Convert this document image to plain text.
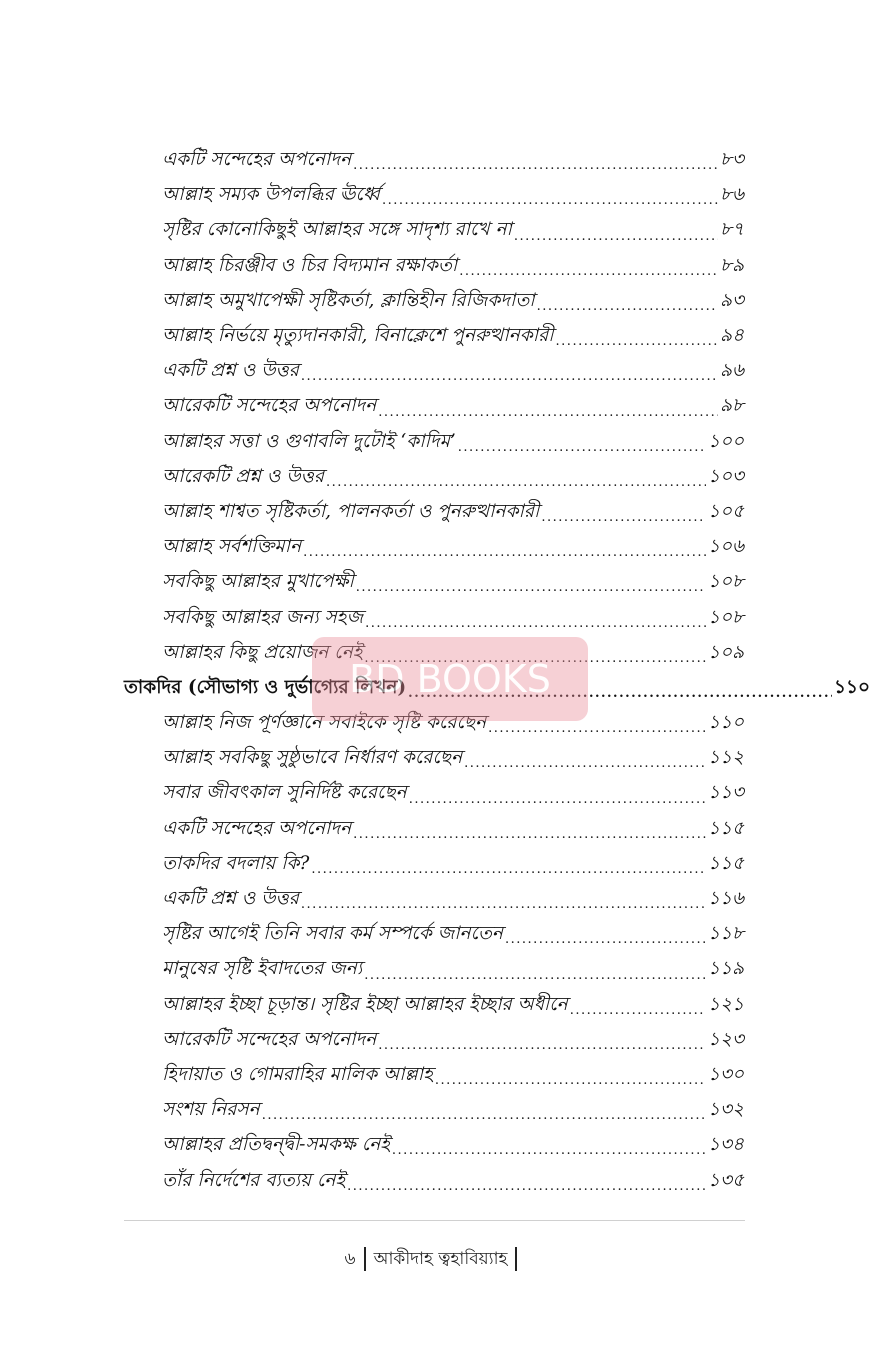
একটি সন্দেহের অপনোদন .....	৮৩
আল্লাহ সম্যক উপলব্ধির ঊর্ধ্বে .....	৮৬
সৃষ্টির কোনোকিছুই আল্লাহর সঙ্গে সাদৃশ্য রাখে না .....	৮৭
আল্লাহ চিরঞ্জীব ও চির বিদ্যমান রক্ষাকর্তা .....	৮৯
আল্লাহ অমুখাপেক্ষী সৃষ্টিকর্তা, ক্লান্তিহীন রিজিকদাতা .....	৯৩
আল্লাহ নির্ভয়ে মৃত্যুদানকারী, বিনাক্লেশে পুনরুত্থানকারী .....	৯৪
একটি প্রশ্ন ও উত্তর .....	৯৬
আরেকটি সন্দেহের অপনোদন .....	৯৮
আল্লাহর সত্তা ও গুণাবলি দুটোই ‘কাদিম’ .....	১০০
আরেকটি প্রশ্ন ও উত্তর .....	১০৩
আল্লাহ শাশ্বত সৃষ্টিকর্তা, পালনকর্তা ও পুনরুত্থানকারী .....	১০৫
আল্লাহ সর্বশক্তিমান .....	১০৬
সবকিছু আল্লাহর মুখাপেক্ষী .....	১০৮
সবকিছু আল্লাহর জন্য সহজ .....	১০৮
আল্লাহর কিছু প্রয়োজন নেই .....	১০৯
তাকদির (সৌভাগ্য ও দুর্ভাগ্যের লিখন) .....	১১০
আল্লাহ নিজ পূর্ণজ্ঞানে সবাইকে সৃষ্টি করেছেন .....	১১০
আল্লাহ সবকিছু সুষ্ঠুভাবে নির্ধারণ করেছেন .....	১১২
সবার জীবৎকাল সুনির্দিষ্ট করেছেন .....	১১৩
একটি সন্দেহের অপনোদন .....	১১৫
তাকদির বদলায় কি? .....	১১৫
একটি প্রশ্ন ও উত্তর .....	১১৬
সৃষ্টির আগেই তিনি সবার কর্ম সম্পর্কে জানতেন .....	১১৮
মানুষের সৃষ্টি ইবাদতের জন্য .....	১১৯
আল্লাহর ইচ্ছা চূড়ান্ত। সৃষ্টির ইচ্ছা আল্লাহর ইচ্ছার অধীনে .....	১২১
আরেকটি সন্দেহের অপনোদন .....	১২৩
হিদায়াত ও গোমরাহির মালিক আল্লাহ .....	১৩০
সংশয় নিরসন .....	১৩২
আল্লাহর প্রতিদ্বন্দ্বী-সমকক্ষ নেই .....	১৩৪
তাঁর নির্দেশের ব্যত্যয় নেই .....	১৩৫
BD BOOKS
৬ আকীদাহ ত্বহাবিয়্যাহ
